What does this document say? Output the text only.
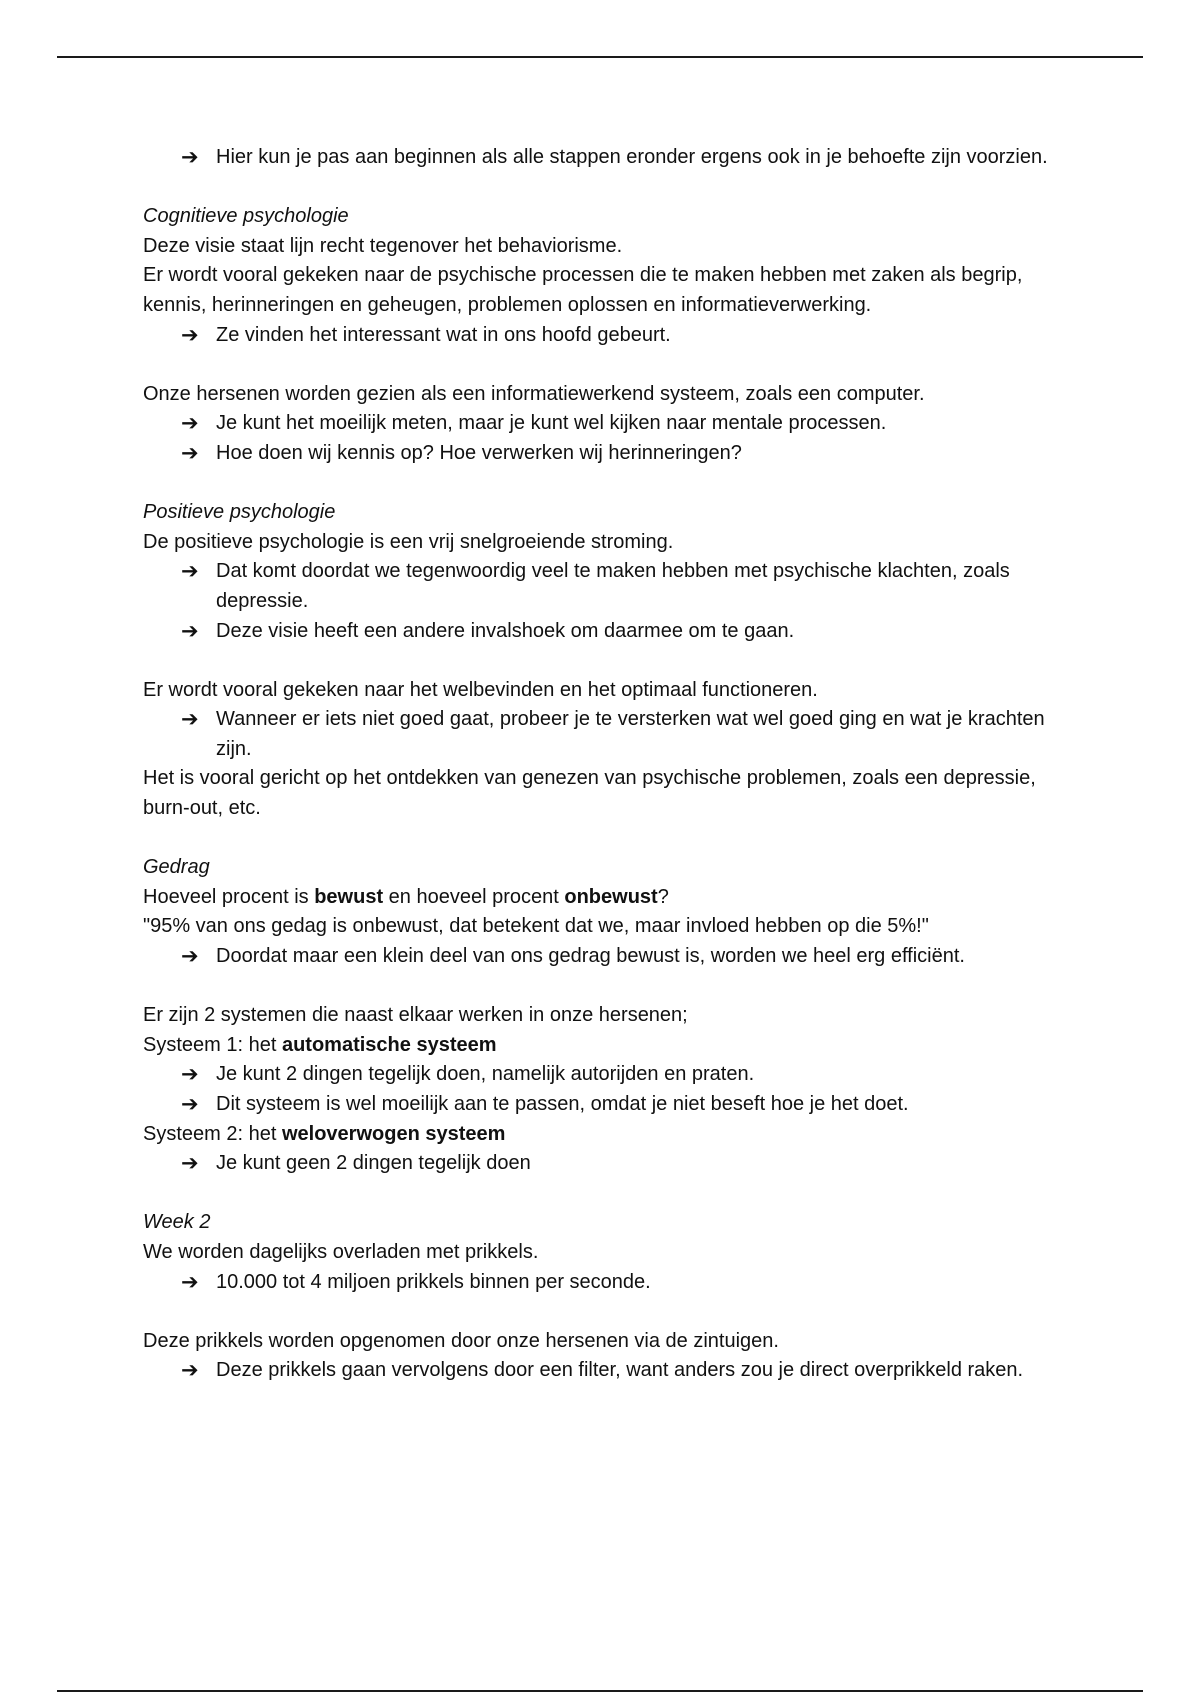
➔ Hier kun je pas aan beginnen als alle stappen eronder ergens ook in je behoefte zijn voorzien.
Cognitieve psychologie
Deze visie staat lijn recht tegenover het behaviorisme.
Er wordt vooral gekeken naar de psychische processen die te maken hebben met zaken als begrip, kennis, herinneringen en geheugen, problemen oplossen en informatieverwerking.
➔ Ze vinden het interessant wat in ons hoofd gebeurt.
Onze hersenen worden gezien als een informatiewerkend systeem, zoals een computer.
➔ Je kunt het moeilijk meten, maar je kunt wel kijken naar mentale processen.
➔ Hoe doen wij kennis op? Hoe verwerken wij herinneringen?
Positieve psychologie
De positieve psychologie is een vrij snelgroeiende stroming.
➔ Dat komt doordat we tegenwoordig veel te maken hebben met psychische klachten, zoals depressie.
➔ Deze visie heeft een andere invalshoek om daarmee om te gaan.
Er wordt vooral gekeken naar het welbevinden en het optimaal functioneren.
➔ Wanneer er iets niet goed gaat, probeer je te versterken wat wel goed ging en wat je krachten zijn.
Het is vooral gericht op het ontdekken van genezen van psychische problemen, zoals een depressie, burn-out, etc.
Gedrag
Hoeveel procent is bewust en hoeveel procent onbewust?
"95% van ons gedag is onbewust, dat betekent dat we, maar invloed hebben op die 5%!"
➔ Doordat maar een klein deel van ons gedrag bewust is, worden we heel erg efficiënt.
Er zijn 2 systemen die naast elkaar werken in onze hersenen;
Systeem 1: het automatische systeem
➔ Je kunt 2 dingen tegelijk doen, namelijk autorijden en praten.
➔ Dit systeem is wel moeilijk aan te passen, omdat je niet beseft hoe je het doet.
Systeem 2: het weloverwogen systeem
➔ Je kunt geen 2 dingen tegelijk doen
Week 2
We worden dagelijks overladen met prikkels.
➔ 10.000 tot 4 miljoen prikkels binnen per seconde.
Deze prikkels worden opgenomen door onze hersenen via de zintuigen.
➔ Deze prikkels gaan vervolgens door een filter, want anders zou je direct overprikkeld raken.
